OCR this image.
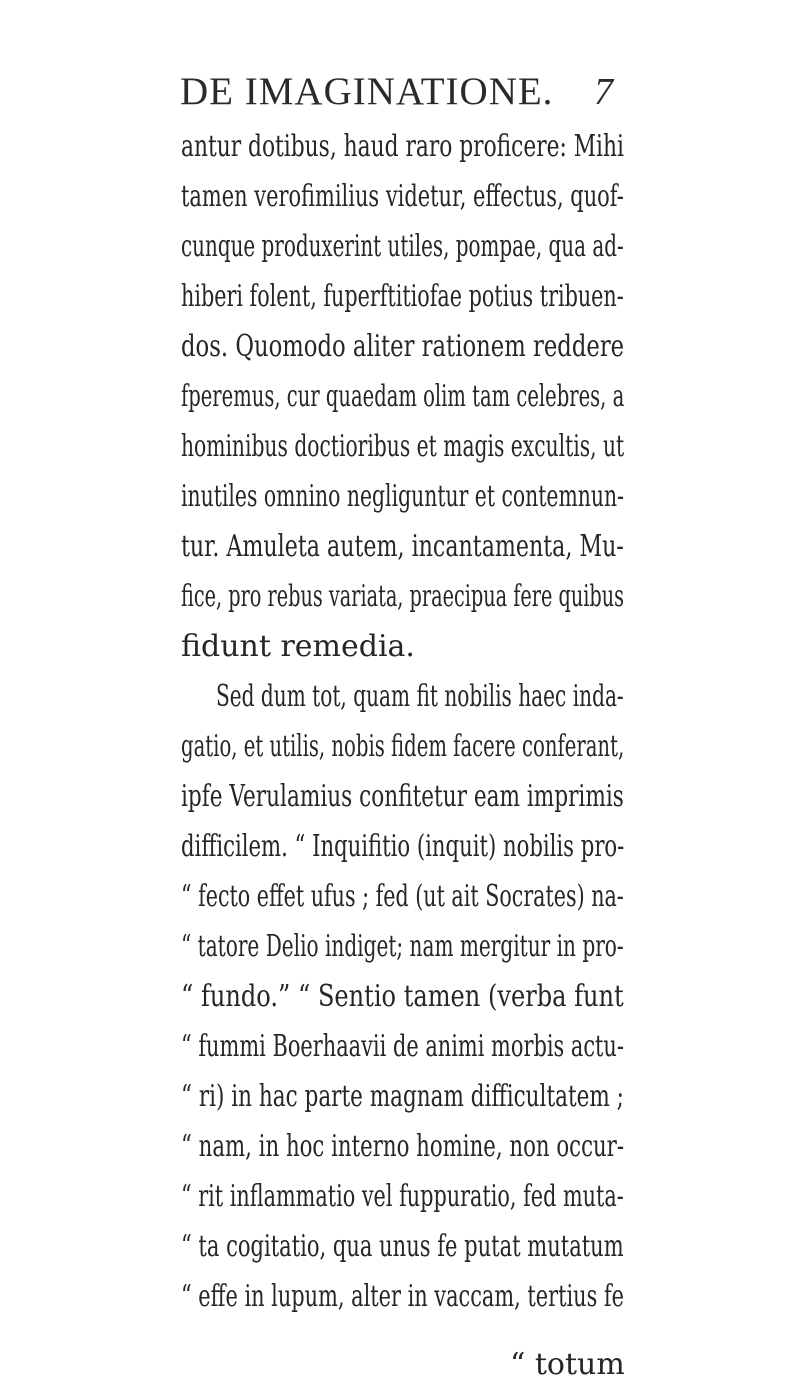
DE IMAGINATIONE. 7
antur dotibus, haud raro proficere: Mihi
tamen verofimilius videtur, effectus, quof-
cunque produxerint utiles, pompae, qua ad-
hiberi folent, fuperftitiofae potius tribuen-
dos. Quomodo aliter rationem reddere
fperemus, cur quaedam olim tam celebres, a
hominibus doctioribus et magis excultis, ut
inutiles omnino negliguntur et contemnun-
tur. Amuleta autem, incantamenta, Mu-
fice, pro rebus variata, praecipua fere quibus
fidunt remedia.
Sed dum tot, quam fit nobilis haec inda-
gatio, et utilis, nobis fidem facere conferant,
ipfe Verulamius confitetur eam imprimis
difficilem. “ Inquifitio (inquit) nobilis pro-
“ fecto effet ufus ; fed (ut ait Socrates) na-
“ tatore Delio indiget; nam mergitur in pro-
“ fundo.” “ Sentio tamen (verba funt
“ fummi Boerhaavii de animi morbis actu-
“ ri) in hac parte magnam difficultatem ;
“ nam, in hoc interno homine, non occur-
“ rit inflammatio vel fuppuratio, fed muta-
“ ta cogitatio, qua unus fe putat mutatum
“ effe in lupum, alter in vaccam, tertius fe
“ totum
